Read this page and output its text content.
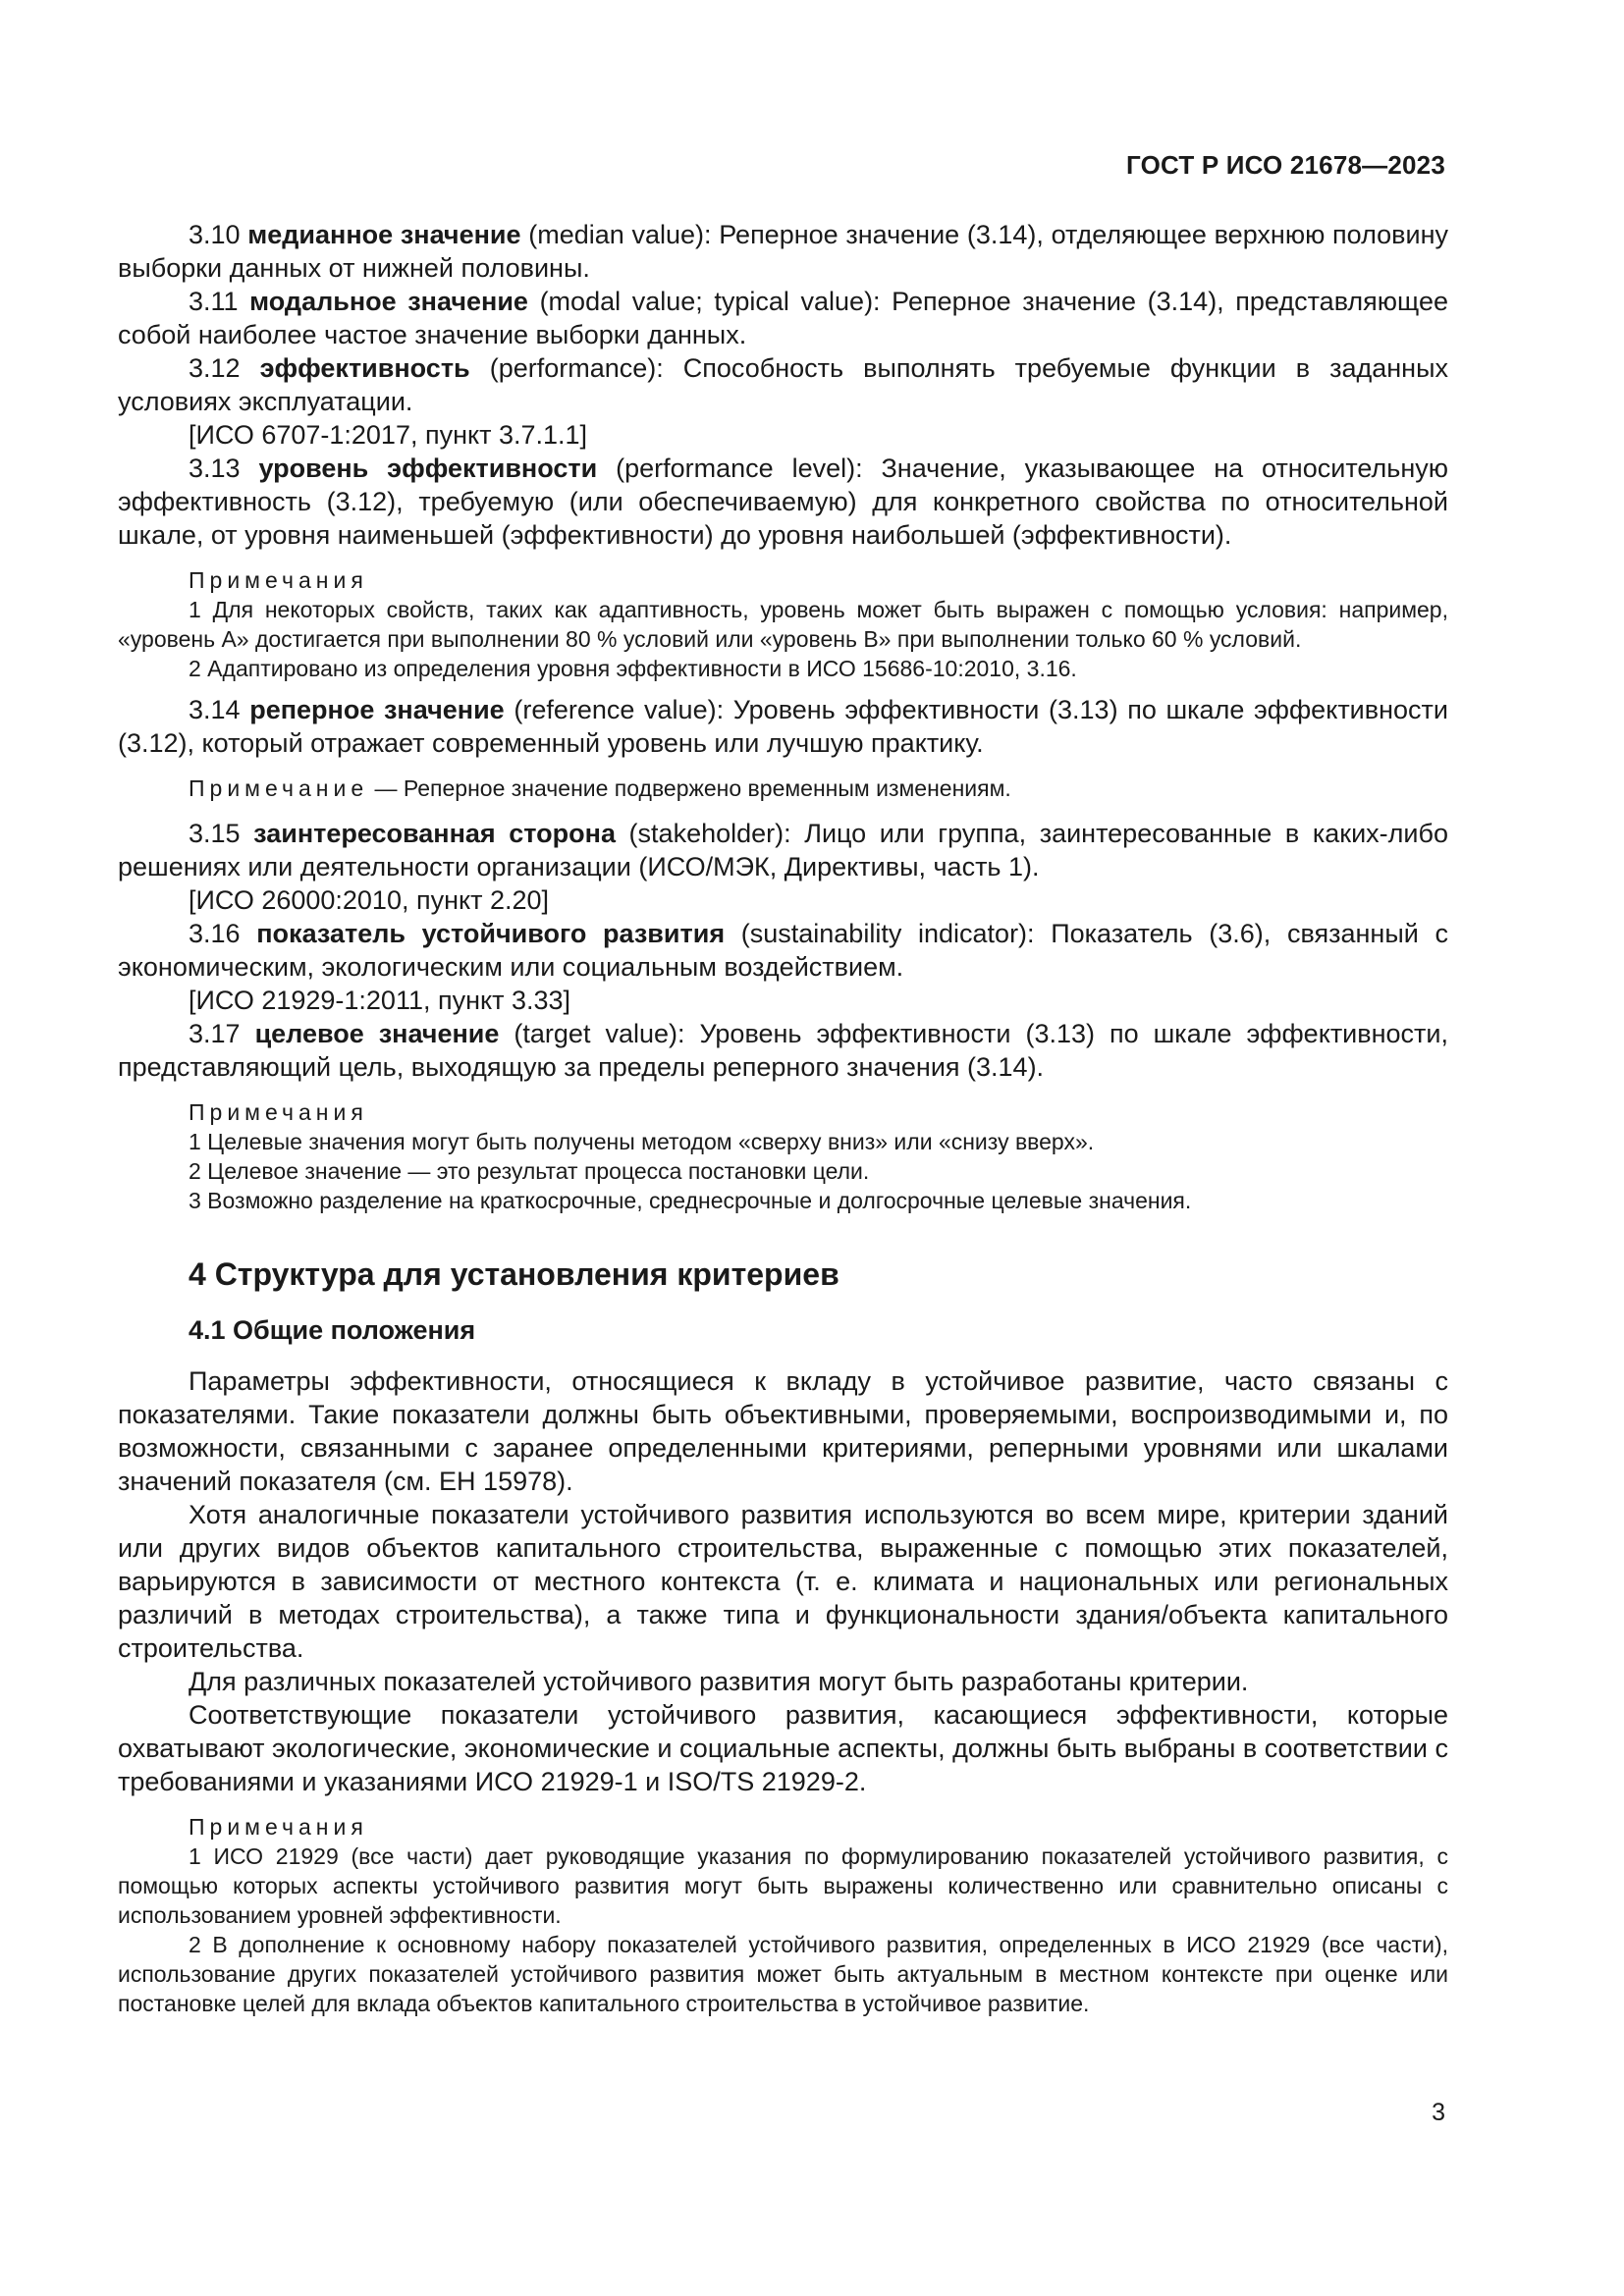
ГОСТ Р ИСО 21678—2023

3.10 медианное значение (median value): Реперное значение (3.14), отделяющее верхнюю половину выборки данных от нижней половины.

3.11 модальное значение (modal value; typical value): Реперное значение (3.14), представляющее собой наиболее частое значение выборки данных.

3.12 эффективность (performance): Способность выполнять требуемые функции в заданных условиях эксплуатации.

[ИСО 6707-1:2017, пункт 3.7.1.1]

3.13 уровень эффективности (performance level): Значение, указывающее на относительную эффективность (3.12), требуемую (или обеспечиваемую) для конкретного свойства по относительной шкале, от уровня наименьшей (эффективности) до уровня наибольшей (эффективности).

Примечания

1 Для некоторых свойств, таких как адаптивность, уровень может быть выражен с помощью условия: например, «уровень А» достигается при выполнении 80 % условий или «уровень В» при выполнении только 60 % условий.

2 Адаптировано из определения уровня эффективности в ИСО 15686-10:2010, 3.16.

3.14 реперное значение (reference value): Уровень эффективности (3.13) по шкале эффективности (3.12), который отражает современный уровень или лучшую практику.

Примечание — Реперное значение подвержено временным изменениям.

3.15 заинтересованная сторона (stakeholder): Лицо или группа, заинтересованные в каких-либо решениях или деятельности организации (ИСО/МЭК, Директивы, часть 1).

[ИСО 26000:2010, пункт 2.20]

3.16 показатель устойчивого развития (sustainability indicator): Показатель (3.6), связанный с экономическим, экологическим или социальным воздействием.

[ИСО 21929-1:2011, пункт 3.33]

3.17 целевое значение (target value): Уровень эффективности (3.13) по шкале эффективности, представляющий цель, выходящую за пределы реперного значения (3.14).

Примечания

1 Целевые значения могут быть получены методом «сверху вниз» или «снизу вверх».

2 Целевое значение — это результат процесса постановки цели.

3 Возможно разделение на краткосрочные, среднесрочные и долгосрочные целевые значения.

4 Структура для установления критериев

4.1 Общие положения

Параметры эффективности, относящиеся к вкладу в устойчивое развитие, часто связаны с показателями. Такие показатели должны быть объективными, проверяемыми, воспроизводимыми и, по возможности, связанными с заранее определенными критериями, реперными уровнями или шкалами значений показателя (см. ЕН 15978).

Хотя аналогичные показатели устойчивого развития используются во всем мире, критерии зданий или других видов объектов капитального строительства, выраженные с помощью этих показателей, варьируются в зависимости от местного контекста (т. е. климата и национальных или региональных различий в методах строительства), а также типа и функциональности здания/объекта капитального строительства.

Для различных показателей устойчивого развития могут быть разработаны критерии.

Соответствующие показатели устойчивого развития, касающиеся эффективности, которые охватывают экологические, экономические и социальные аспекты, должны быть выбраны в соответствии с требованиями и указаниями ИСО 21929-1 и ISO/TS 21929-2.

Примечания

1 ИСО 21929 (все части) дает руководящие указания по формулированию показателей устойчивого развития, с помощью которых аспекты устойчивого развития могут быть выражены количественно или сравнительно описаны с использованием уровней эффективности.

2 В дополнение к основному набору показателей устойчивого развития, определенных в ИСО 21929 (все части), использование других показателей устойчивого развития может быть актуальным в местном контексте при оценке или постановке целей для вклада объектов капитального строительства в устойчивое развитие.

3
